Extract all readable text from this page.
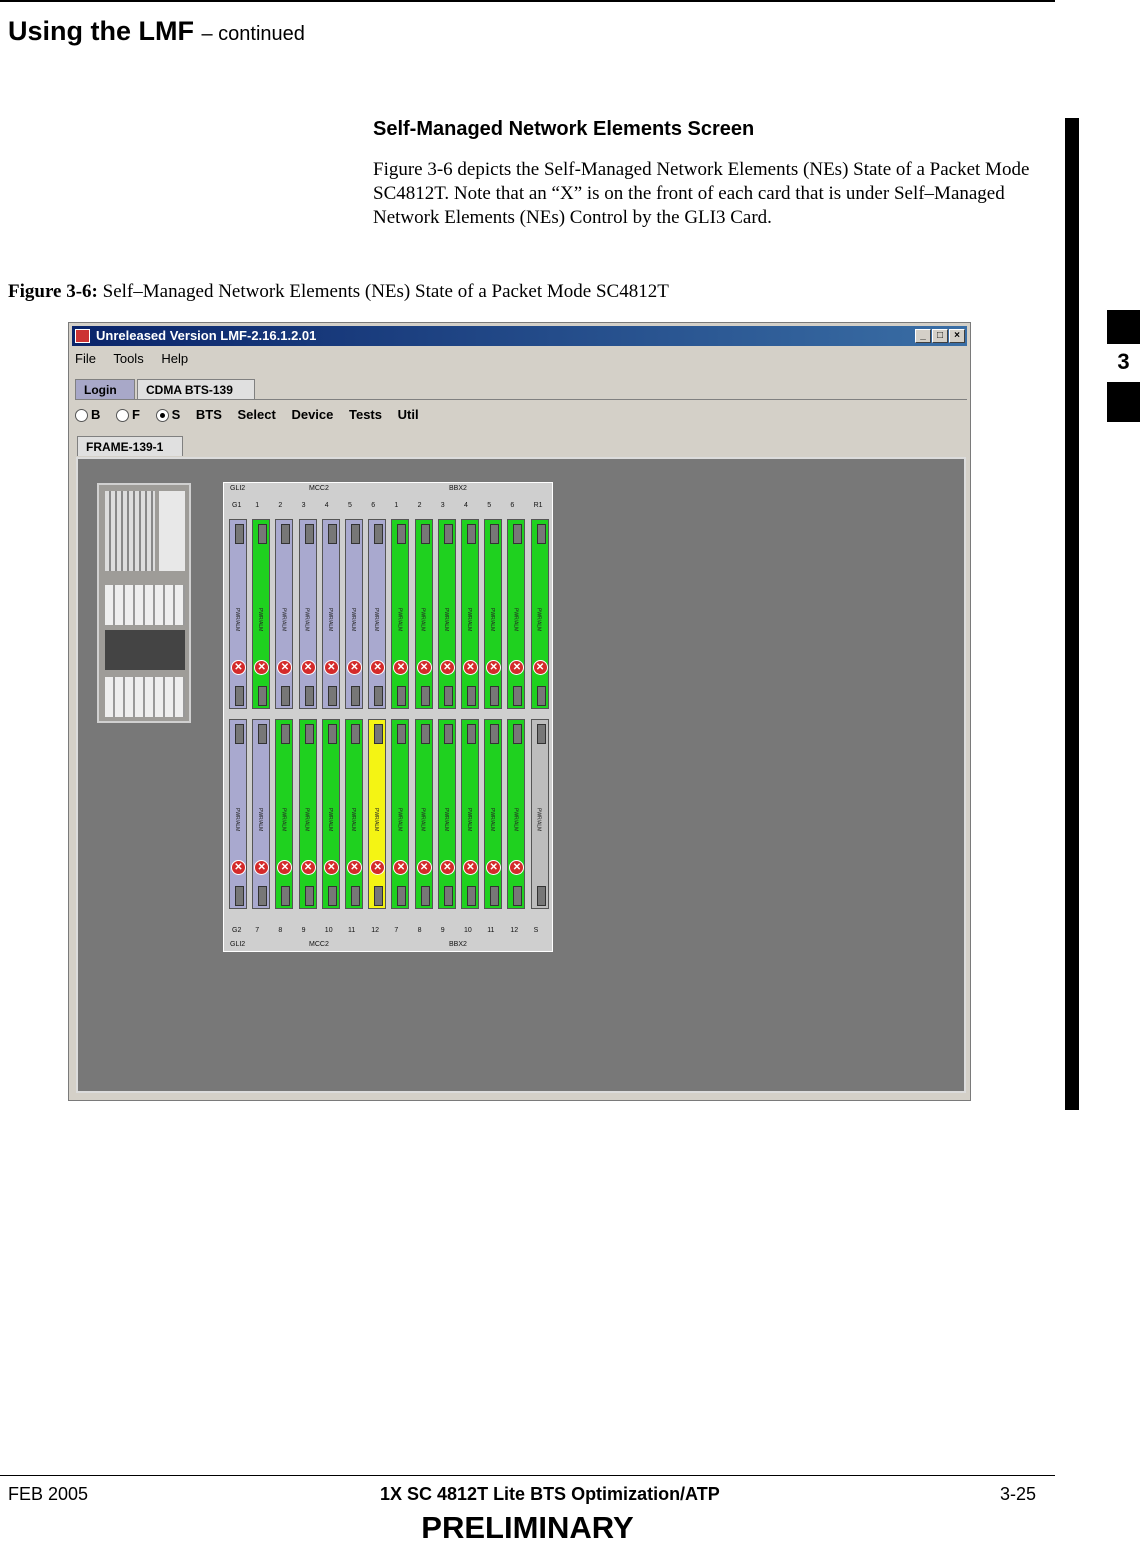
Using the LMF – continued
Self-Managed Network Elements Screen
Figure 3-6 depicts the Self-Managed Network Elements (NEs) State of a Packet Mode SC4812T. Note that an “X” is on the front of each card that is under Self–Managed Network Elements (NEs) Control by the GLI3 Card.
Figure 3-6: Self–Managed Network Elements (NEs) State of a Packet Mode SC4812T
3
Unreleased Version LMF-2.16.1.2.01	_	□	×
File Tools Help
Login	CDMA BTS-139
B F S BTS Select Device Tests Util
FRAME-139-1
GLI2	MCC2	BBX2
G1 1	2	3	4	5	6	1	2	3	4	5	6	R1
PWR/ALM
✕
PWR/ALM
✕
PWR/ALM
✕
PWR/ALM
✕
PWR/ALM
✕
PWR/ALM
✕
PWR/ALM
✕
PWR/ALM
✕
PWR/ALM
✕
PWR/ALM
✕
PWR/ALM
✕
PWR/ALM
✕
PWR/ALM
✕
PWR/ALM
✕
PWR/ALM
✕
PWR/ALM
✕
PWR/ALM
✕
PWR/ALM
✕
PWR/ALM
✕
PWR/ALM
✕
PWR/ALM
✕
PWR/ALM
✕
PWR/ALM
✕
PWR/ALM
✕
PWR/ALM
✕
PWR/ALM
✕
PWR/ALM
✕
PWR/ALM
GLI2	MCC2	BBX2
G2 7	8	9	10 11 12 7	8	9	10 11 12 S
FEB 2005	1X SC 4812T Lite BTS Optimization/ATP	3-25
PRELIMINARY
